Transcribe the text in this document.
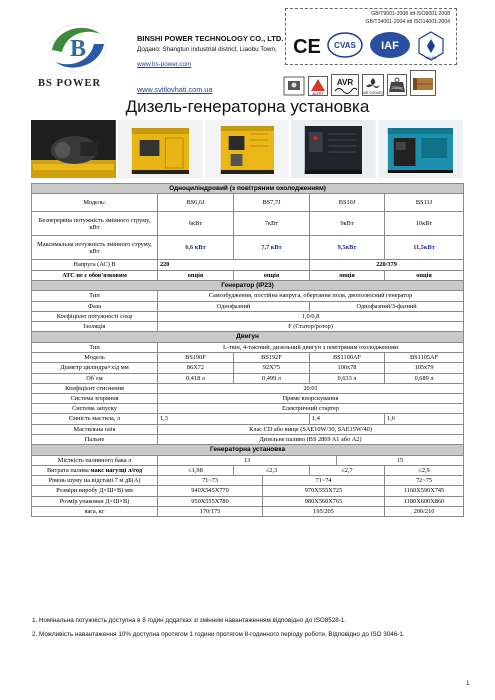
B
BS POWER
BINSHI POWER TECHNOLOGY CO., LTD.
Додано: Shangtun industrial district, Liaobu Town,
www.bs-power.com
www.svitlovhati.com.ua
GB/T9001-2008 idt ISO9001:2008
GB/T24001-2004 idt ISO14001:2004
CE CVAS IAF
UKAS
ALERT
AVR
AIR COOLED
230kg
Дизель-генераторна установка
Одноциліндровий (з повітряним охолодженням)						
Модель:	BS6,6J	BS7,7J		BS10J		BS11J
Безперервна потужність змінного струму, кВт	6кВт	7кВт		9кВт		10кВт
Максимальна потужність змінного струму, кВт	6,6 кВт	7,7 кВт		9,5кВт		11,5кВт
Напруга (АС) В	220			220/379		
АТС не є обов'язковим	опція	опція		опція		опція
Генератор (IP23)						
Тип	Самозбудження, постійна напруга, обертання поля, двополюсний генератор					
Фаза	Однофазний			Однофазний/3-фазний		
Коефіцієнт потужності cosφ	1,0/0,8					
Ізоляція	F (Статор/ротор)					
Двигун						
Тип	L-твін, 4-тактний, дизельний двигун з повітряним охолодженням					
Модель	BS190F	BS192F		BS1100AF		BS1105AF
Діаметр циліндра×хід мм	86X72	92X75		100x78		105x79
Об`єм	0,418 л	0,499 л		0,633 л		0,689 л
Коефіцієнт стиснення	20:01					
Система згоряння	Пряме впорскування					
Система запуску	Електричний стартер					
Ємність мастила, л	1,3			1,4		1,6
Мастильна олія	Клас CD або вище (SAE10W/30, SAE15W/40)					
Пальне	Дизельне паливо (BS 2869 A1 або A2)					
Генераторна установка						
Місткість паливного бака л	13				15	
Витрата палива макс нагузці л/год	≤1,98	≤2,3		≤2,7		≤2,9
Рівень шуму на відстані 7 м дБ(А)	71~73		71~74			72~75
Розміри виробу Д×Ш×В) мм	940X545X770		970X555X725			1160X590X745
Розмір упаковки Д×Ш×В)	950X555X780		980X560X765			1180X600X860
вага, кг	170/175		195/205			200/210
1. Номінальна потужність доступна в 8 годин додатках зі змінним навантаженням відповідно до ISO8528-1.
2. Можливість навантаження 10% доступна протягом 1 години протягом 8-годинного періоду роботи. Відповідно до ISO 3046-1.
1
